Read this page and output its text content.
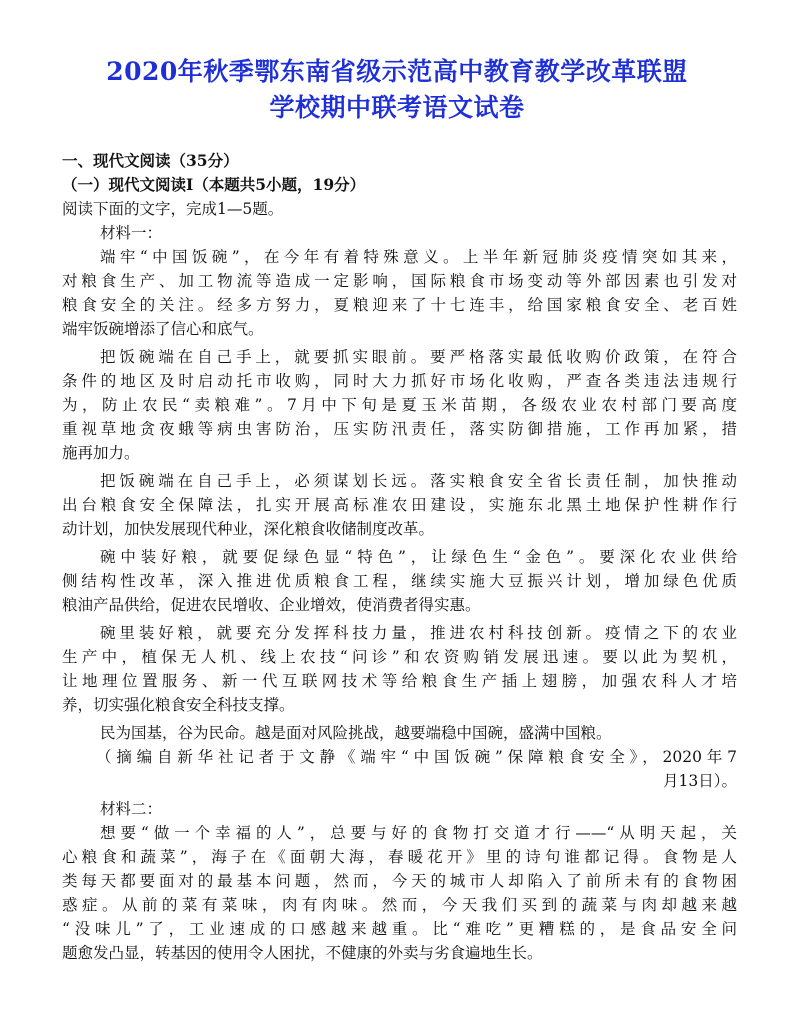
2020年秋季鄂东南省级示范高中教育教学改革联盟
学校期中联考语文试卷
一、现代文阅读（35分）
（一）现代文阅读Ⅰ（本题共5小题，19分）
阅读下面的文字，完成1—5题。
材料一：
端牢“中国饭碗”，在今年有着特殊意义。上半年新冠肺炎疫情突如其来，
对粮食生产、加工物流等造成一定影响，国际粮食市场变动等外部因素也引发对
粮食安全的关注。经多方努力，夏粮迎来了十七连丰，给国家粮食安全、老百姓
端牢饭碗增添了信心和底气。
把饭碗端在自己手上，就要抓实眼前。要严格落实最低收购价政策，在符合
条件的地区及时启动托市收购，同时大力抓好市场化收购，严查各类违法违规行
为，防止农民“卖粮难”。7月中下旬是夏玉米苗期，各级农业农村部门要高度
重视草地贪夜蛾等病虫害防治，压实防汛责任，落实防御措施，工作再加紧，措
施再加力。
把饭碗端在自己手上，必须谋划长远。落实粮食安全省长责任制，加快推动
出台粮食安全保障法，扎实开展高标准农田建设，实施东北黑土地保护性耕作行
动计划，加快发展现代种业，深化粮食收储制度改革。
碗中装好粮，就要促绿色显“特色”，让绿色生“金色”。要深化农业供给
侧结构性改革，深入推进优质粮食工程，继续实施大豆振兴计划，增加绿色优质
粮油产品供给，促进农民增收、企业增效，使消费者得实惠。
碗里装好粮，就要充分发挥科技力量，推进农村科技创新。疫情之下的农业
生产中，植保无人机、线上农技“问诊”和农资购销发展迅速。要以此为契机，
让地理位置服务、新一代互联网技术等给粮食生产插上翅膀，加强农科人才培
养，切实强化粮食安全科技支撑。
民为国基，谷为民命。越是面对风险挑战，越要端稳中国碗，盛满中国粮。
（摘编自新华社记者于文静《端牢“中国饭碗”保障粮食安全》，2020年7
月13日）。
材料二：
想要“做一个幸福的人”，总要与好的食物打交道才行——“从明天起，关
心粮食和蔬菜”，海子在《面朝大海，春暖花开》里的诗句谁都记得。食物是人
类每天都要面对的最基本问题，然而，今天的城市人却陷入了前所未有的食物困
惑症。从前的菜有菜味，肉有肉味。然而，今天我们买到的蔬菜与肉却越来越
“没味儿”了，工业速成的口感越来越重。比“难吃”更糟糕的，是食品安全问
题愈发凸显，转基因的使用令人困扰，不健康的外卖与劣食遍地生长。
